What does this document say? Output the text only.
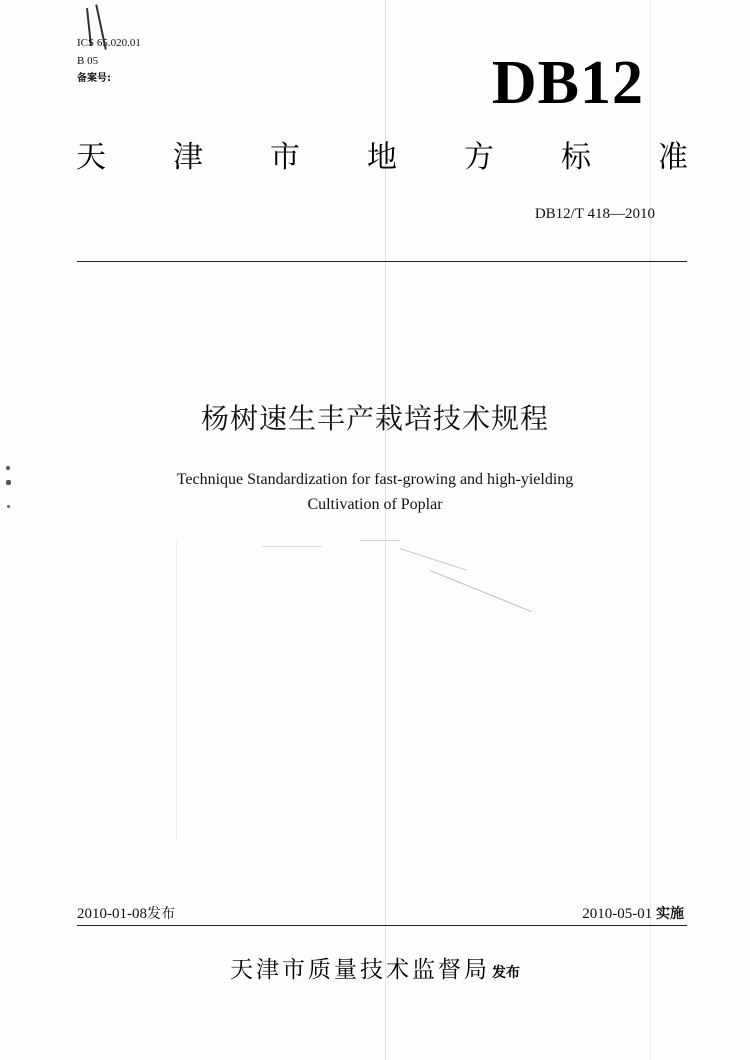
ICS 65.020.01
B 05
备案号:	DB12
天 津 市 地 方 标 准
DB12/T 418—2010
杨树速生丰产栽培技术规程
Technique Standardization for fast-growing and high-yielding
Cultivation of Poplar
2010-01-08发布	2010-05-01 实施
天津市质量技术监督局 发布
